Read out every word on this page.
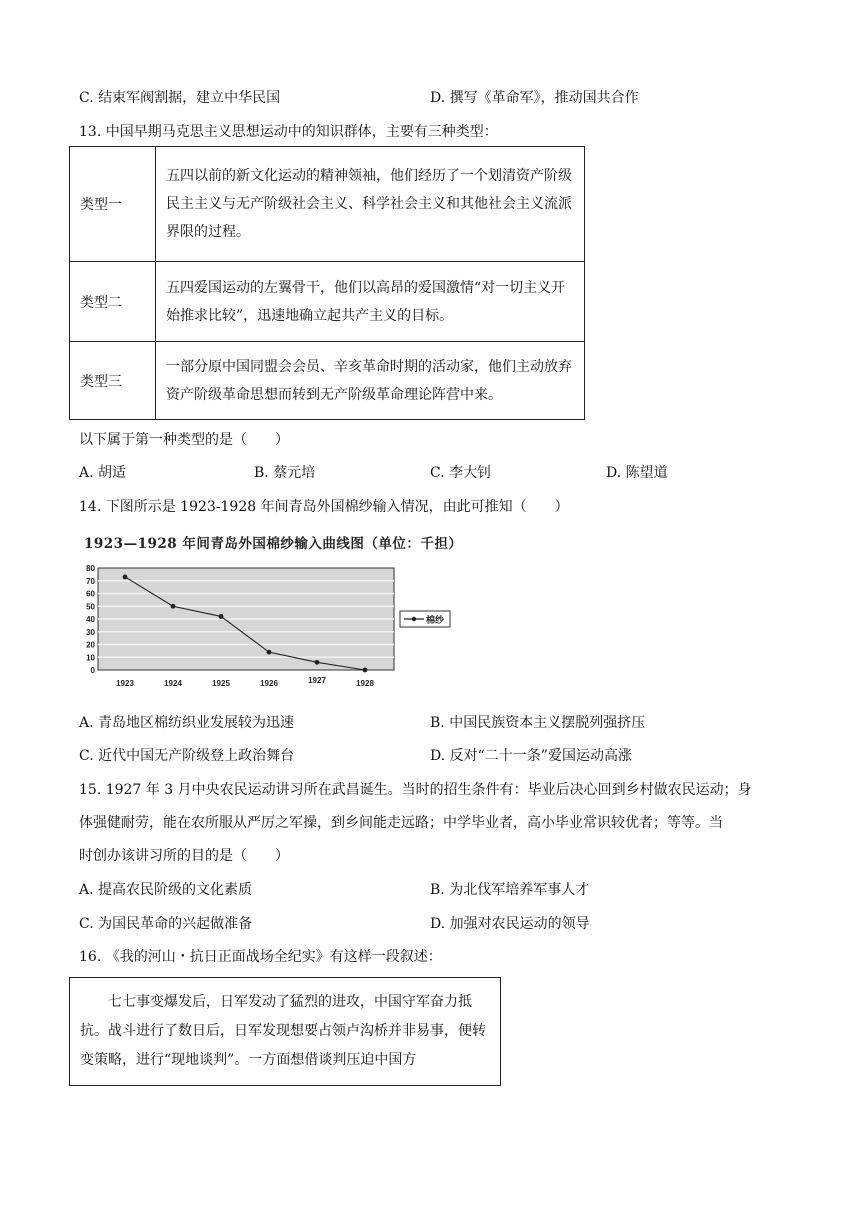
C. 结束军阀割据，建立中华民国	D. 撰写《革命军》，推动国共合作
13. 中国早期马克思主义思想运动中的知识群体，主要有三种类型：
类型一	五四以前的新文化运动的精神领袖，他们经历了一个划清资产阶级民主主义与无产阶级社会主义、科学社会主义和其他社会主义流派界限的过程。
类型二	五四爱国运动的左翼骨干，他们以高昂的爱国激情“对一切主义开始推求比较”，迅速地确立起共产主义的目标。
类型三	一部分原中国同盟会会员、辛亥革命时期的活动家，他们主动放弃资产阶级革命思想而转到无产阶级革命理论阵营中来。
以下属于第一种类型的是（　　）
A. 胡适	B. 蔡元培	C. 李大钊	D. 陈望道
14. 下图所示是 1923-1928 年间青岛外国棉纱输入情况，由此可推知（　　）
1923—1928 年间青岛外国棉纱输入曲线图（单位：千担）
0
10
20
30
40
50
60
70
80
1923	1924	1925	1926	1927	1928
棉纱
A. 青岛地区棉纺织业发展较为迅速	B. 中国民族资本主义摆脱列强挤压
C. 近代中国无产阶级登上政治舞台	D. 反对“二十一条”爱国运动高涨
15. 1927 年 3 月中央农民运动讲习所在武昌诞生。当时的招生条件有：毕业后决心回到乡村做农民运动；身
体强健耐劳，能在农所服从严厉之军操，到乡间能走远路；中学毕业者，高小毕业常识较优者；等等。当
时创办该讲习所的目的是（　　）
A. 提高农民阶级的文化素质	B. 为北伐军培养军事人才
C. 为国民革命的兴起做准备	D. 加强对农民运动的领导
16. 《我的河山・抗日正面战场全纪实》有这样一段叙述：
七七事变爆发后，日军发动了猛烈的进攻，中国守军奋力抵抗。战斗进行了数日后，日军发现想要占领卢沟桥并非易事，便转变策略，进行“现地谈判”。一方面想借谈判压迫中国方
